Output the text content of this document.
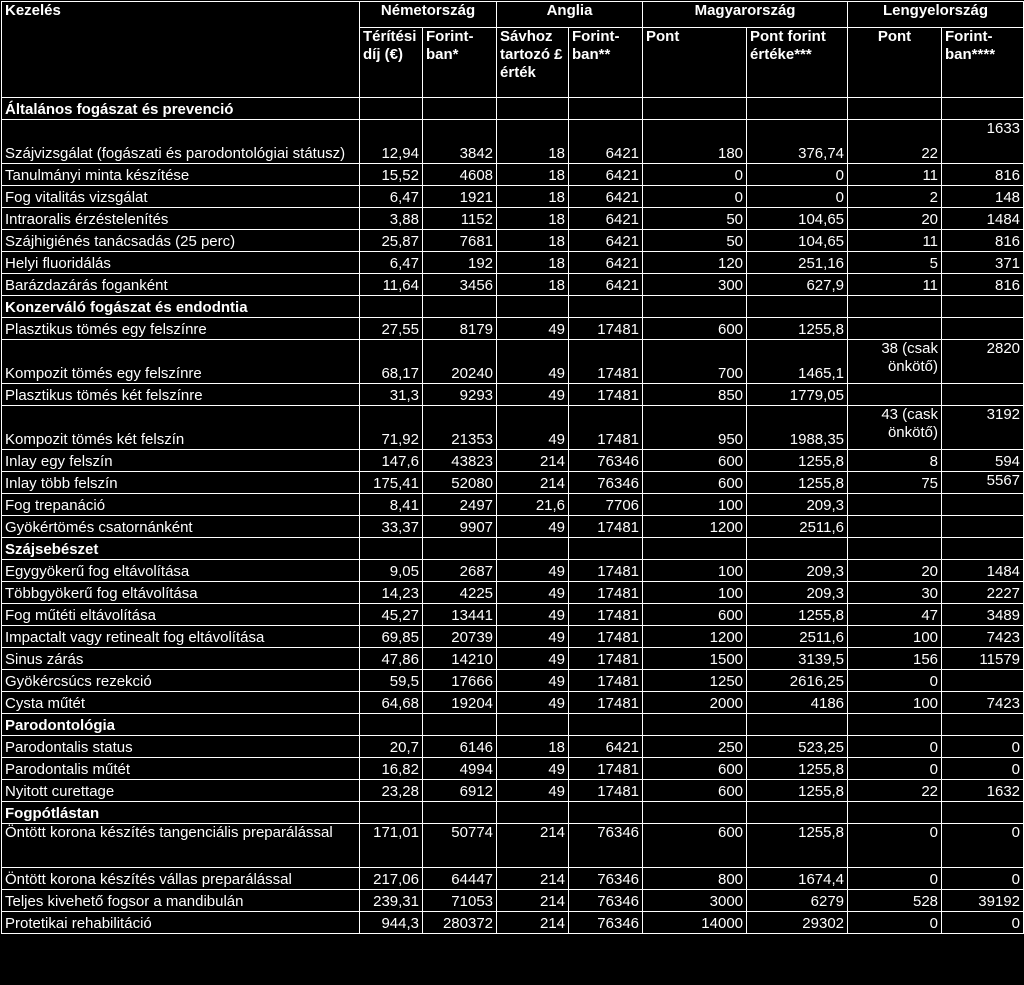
Kezelés	Németország		Anglia		Magyarország		Lengyelország	
	Térítési díj (€)	Forint-ban*	Sávhoz tartozó £ érték	Forint-ban**	Pont	Pont forint értéke***	Pont	Forint-ban****
Általános fogászat és prevenció								
Szájvizsgálat (fogászati és parodontológiai státusz)	12,94	3842	18	6421	180	376,74	22	1633
Tanulmányi minta készítése	15,52	4608	18	6421	0	0	11	816
Fog vitalitás vizsgálat	6,47	1921	18	6421	0	0	2	148
Intraoralis érzéstelenítés	3,88	1152	18	6421	50	104,65	20	1484
Szájhigiénés tanácsadás (25 perc)	25,87	7681	18	6421	50	104,65	11	816
Helyi fluoridálás	6,47	192	18	6421	120	251,16	5	371
Barázdazárás foganként	11,64	3456	18	6421	300	627,9	11	816
Konzerváló fogászat és endodntia								
Plasztikus tömés egy felszínre	27,55	8179	49	17481	600	1255,8		
Kompozit tömés egy felszínre	68,17	20240	49	17481	700	1465,1	38 (csak önkötő)	2820
Plasztikus tömés két felszínre	31,3	9293	49	17481	850	1779,05		
Kompozit tömés két felszín	71,92	21353	49	17481	950	1988,35	43 (cask önkötő)	3192
Inlay egy felszín	147,6	43823	214	76346	600	1255,8	8	594
Inlay több felszín	175,41	52080	214	76346	600	1255,8	75	5567
Fog trepanáció	8,41	2497	21,6	7706	100	209,3		
Gyökértömés csatornánként	33,37	9907	49	17481	1200	2511,6		
Szájsebészet								
Egygyökerű fog eltávolítása	9,05	2687	49	17481	100	209,3	20	1484
Többgyökerű fog eltávolítása	14,23	4225	49	17481	100	209,3	30	2227
Fog műtéti eltávolítása	45,27	13441	49	17481	600	1255,8	47	3489
Impactalt vagy retinealt fog eltávolítása	69,85	20739	49	17481	1200	2511,6	100	7423
Sinus zárás	47,86	14210	49	17481	1500	3139,5	156	11579
Gyökércsúcs rezekció	59,5	17666	49	17481	1250	2616,25	0	
Cysta műtét	64,68	19204	49	17481	2000	4186	100	7423
Parodontológia								
Parodontalis status	20,7	6146	18	6421	250	523,25	0	0
Parodontalis műtét	16,82	4994	49	17481	600	1255,8	0	0
Nyitott curettage	23,28	6912	49	17481	600	1255,8	22	1632
Fogpótlástan								
Öntött korona készítés tangenciális preparálással	171,01	50774	214	76346	600	1255,8	0	0
Öntött korona készítés vállas preparálással	217,06	64447	214	76346	800	1674,4	0	0
Teljes kivehető fogsor a mandibulán	239,31	71053	214	76346	3000	6279	528	39192
Protetikai rehabilitáció	944,3	280372	214	76346	14000	29302	0	0
